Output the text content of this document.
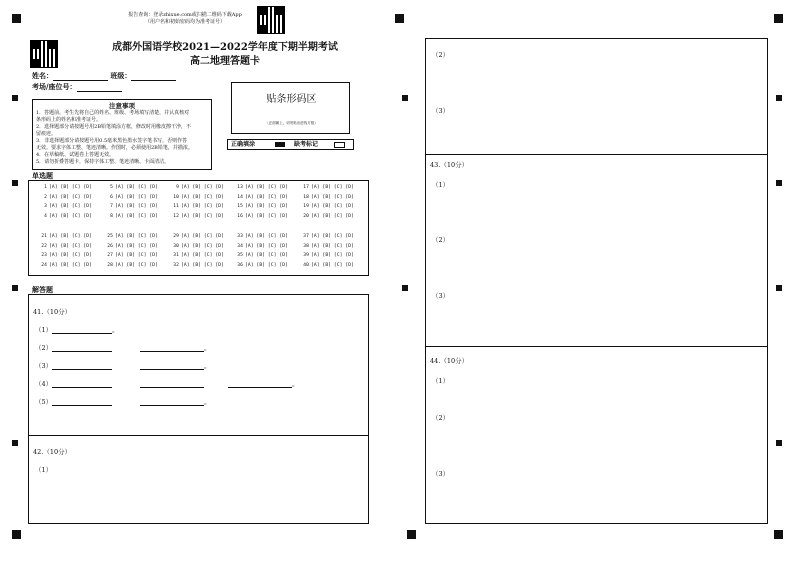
报告查询：登录zhixue.com或扫描二维码下载App
（用户名和初始密码均为准考证号）
成都外国语学校2021—2022学年度下期半期考试
高二地理答题卡
姓名：	班级：
考场/座位号：
注意事项
1．答题前，考生先将自己的姓名、班级、考场填写清楚，并认真核对
条形码上的姓名和准考证号。
2．选择题部分请按题号用2B铅笔填涂方框，修改时用橡皮擦干净，不
留痕迹。
3．非选择题部分请按题号用0.5毫米黑色墨水签字笔书写，否则作答
无效。要求字体工整、笔迹清晰。作图时，必须使用2B铅笔，并描浓。
4．在草稿纸、试题卷上答题无效。
5．请勿折叠答题卡，保持字体工整、笔迹清晰、卡面清洁。
贴条形码区
（正面朝上，切勿贴出虚线方框）
正确填涂	缺考标记
单选题
1 [A] [B] [C] [D]	5 [A] [B] [C] [D]	9 [A] [B] [C] [D]	13 [A] [B] [C] [D]	17 [A] [B] [C] [D]
2 [A] [B] [C] [D]	6 [A] [B] [C] [D]	10 [A] [B] [C] [D]	14 [A] [B] [C] [D]	18 [A] [B] [C] [D]
3 [A] [B] [C] [D]	7 [A] [B] [C] [D]	11 [A] [B] [C] [D]	15 [A] [B] [C] [D]	19 [A] [B] [C] [D]
4 [A] [B] [C] [D]	8 [A] [B] [C] [D]	12 [A] [B] [C] [D]	16 [A] [B] [C] [D]	20 [A] [B] [C] [D]
21 [A] [B] [C] [D]	25 [A] [B] [C] [D]	29 [A] [B] [C] [D]	33 [A] [B] [C] [D]	37 [A] [B] [C] [D]
22 [A] [B] [C] [D]	26 [A] [B] [C] [D]	30 [A] [B] [C] [D]	34 [A] [B] [C] [D]	38 [A] [B] [C] [D]
23 [A] [B] [C] [D]	27 [A] [B] [C] [D]	31 [A] [B] [C] [D]	35 [A] [B] [C] [D]	39 [A] [B] [C] [D]
24 [A] [B] [C] [D]	28 [A] [B] [C] [D]	32 [A] [B] [C] [D]	36 [A] [B] [C] [D]	40 [A] [B] [C] [D]
解答题
41.（10分）
（1）	。
（2）	。
（3）	。
（4）	。
（5）	。
42.（10分）
（1）
（2）
（3）
43.（10分）
（1）
（2）
（3）
44.（10分）
（1）
（2）
（3）
